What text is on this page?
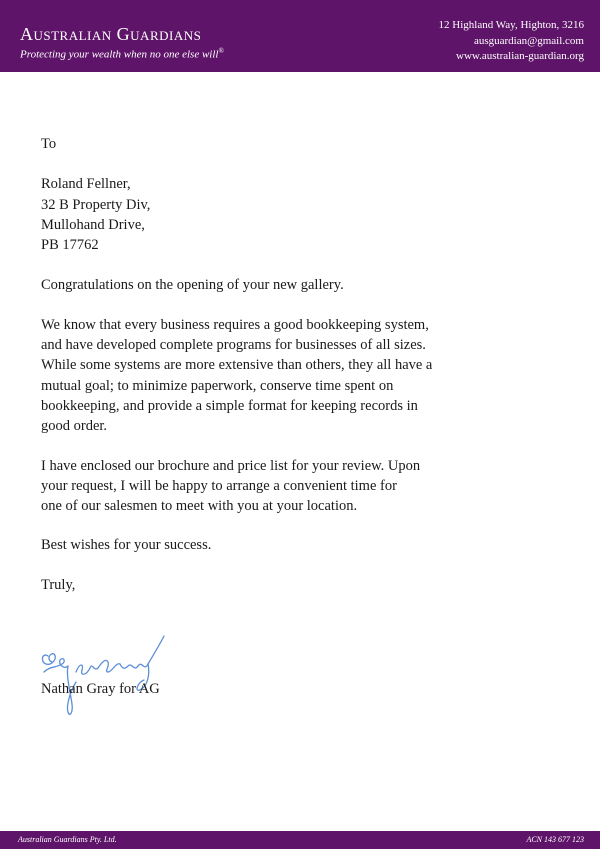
Australian Guardians
Protecting your wealth when no one else will®
12 Highland Way, Highton, 3216
ausguardian@gmail.com
www.australian-guardian.org

To

Roland Fellner,
32 B Property Div,
Mullohand Drive,
PB 17762

Congratulations on the opening of your new gallery.

We know that every business requires a good bookkeeping system, and have developed complete programs for businesses of all sizes. While some systems are more extensive than others, they all have a mutual goal; to minimize paperwork, conserve time spent on bookkeeping, and provide a simple format for keeping records in good order.

I have enclosed our brochure and price list for your review. Upon your request, I will be happy to arrange a convenient time for one of our salesmen to meet with you at your location.

Best wishes for your success.

Truly,

Nathan Gray for AG
Australian Guardians Pty. Ltd.	ACN 143 677 123
